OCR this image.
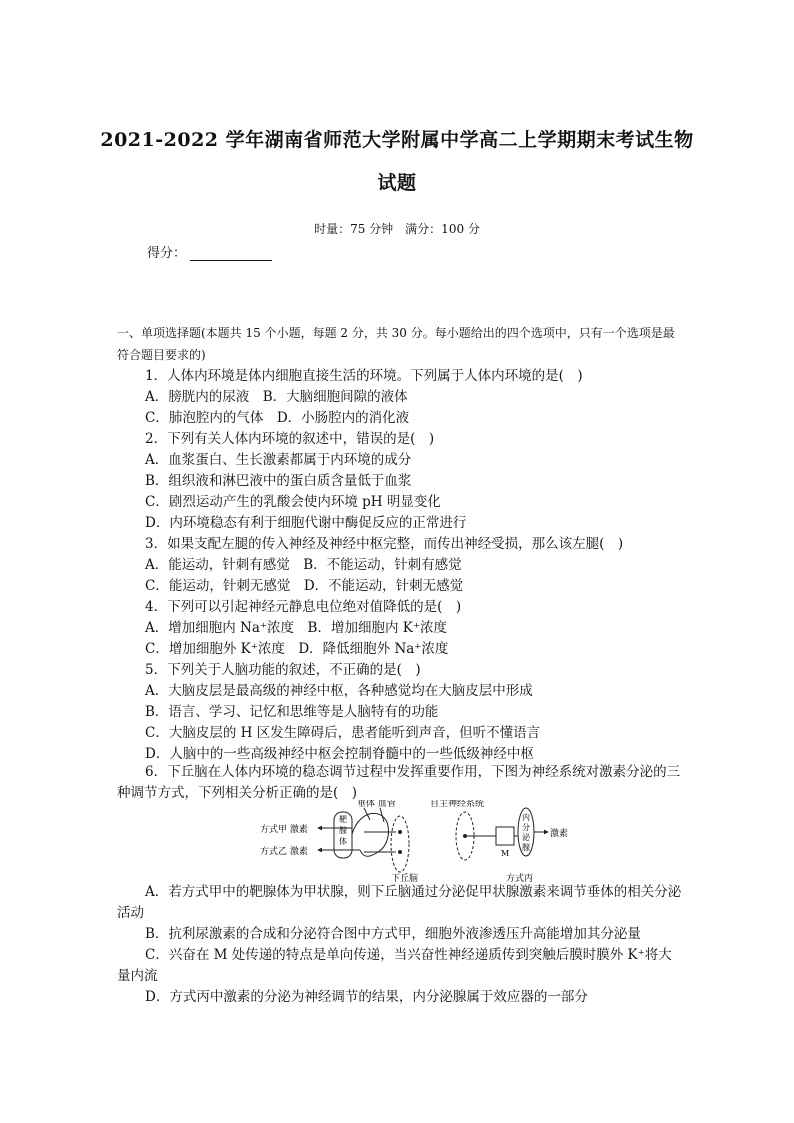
2021-2022 学年湖南省师范大学附属中学高二上学期期末考试生物
试题
时量：75 分钟　满分：100 分
得分：
一、单项选择题(本题共 15 个小题，每题 2 分，共 30 分。每小题给出的四个选项中，只有一个选项是最符合题目要求的)
1．人体内环境是体内细胞直接生活的环境。下列属于人体内环境的是(　)
A．膀胱内的尿液　B．大脑细胞间隙的液体
C．肺泡腔内的气体　D．小肠腔内的消化液
2．下列有关人体内环境的叙述中，错误的是(　)
A．血浆蛋白、生长激素都属于内环境的成分
B．组织液和淋巴液中的蛋白质含量低于血浆
C．剧烈运动产生的乳酸会使内环境 pH 明显变化
D．内环境稳态有利于细胞代谢中酶促反应的正常进行
3．如果支配左腿的传入神经及神经中枢完整，而传出神经受损，那么该左腿(　)
A．能运动，针刺有感觉　B．不能运动，针刺有感觉
C．能运动，针刺无感觉　D．不能运动，针刺无感觉
4．下列可以引起神经元静息电位绝对值降低的是(　)
A．增加细胞内 Na⁺浓度　B．增加细胞内 K⁺浓度
C．增加细胞外 K⁺浓度　D．降低细胞外 Na⁺浓度
5．下列关于人脑功能的叙述，不正确的是(　)
A．大脑皮层是最高级的神经中枢，各种感觉均在大脑皮层中形成
B．语言、学习、记忆和思维等是人脑特有的功能
C．大脑皮层的 H 区发生障碍后，患者能听到声音，但听不懂语言
D．人脑中的一些高级神经中枢会控制脊髓中的一些低级神经中枢
6．下丘脑在人体内环境的稳态调节过程中发挥重要作用，下图为神经系统对激素分泌的三种调节方式，下列相关分析正确的是(　)
垂体 血管
靶
腺
体
方式甲 激素
方式乙 激素
下丘脑
自主神经系统
M
内
分
泌
腺
激素
方式丙
A．若方式甲中的靶腺体为甲状腺，则下丘脑通过分泌促甲状腺激素来调节垂体的相关分泌活动
B．抗利尿激素的合成和分泌符合图中方式甲，细胞外液渗透压升高能增加其分泌量
C．兴奋在 M 处传递的特点是单向传递，当兴奋性神经递质传到突触后膜时膜外 K⁺将大量内流
D．方式丙中激素的分泌为神经调节的结果，内分泌腺属于效应器的一部分
